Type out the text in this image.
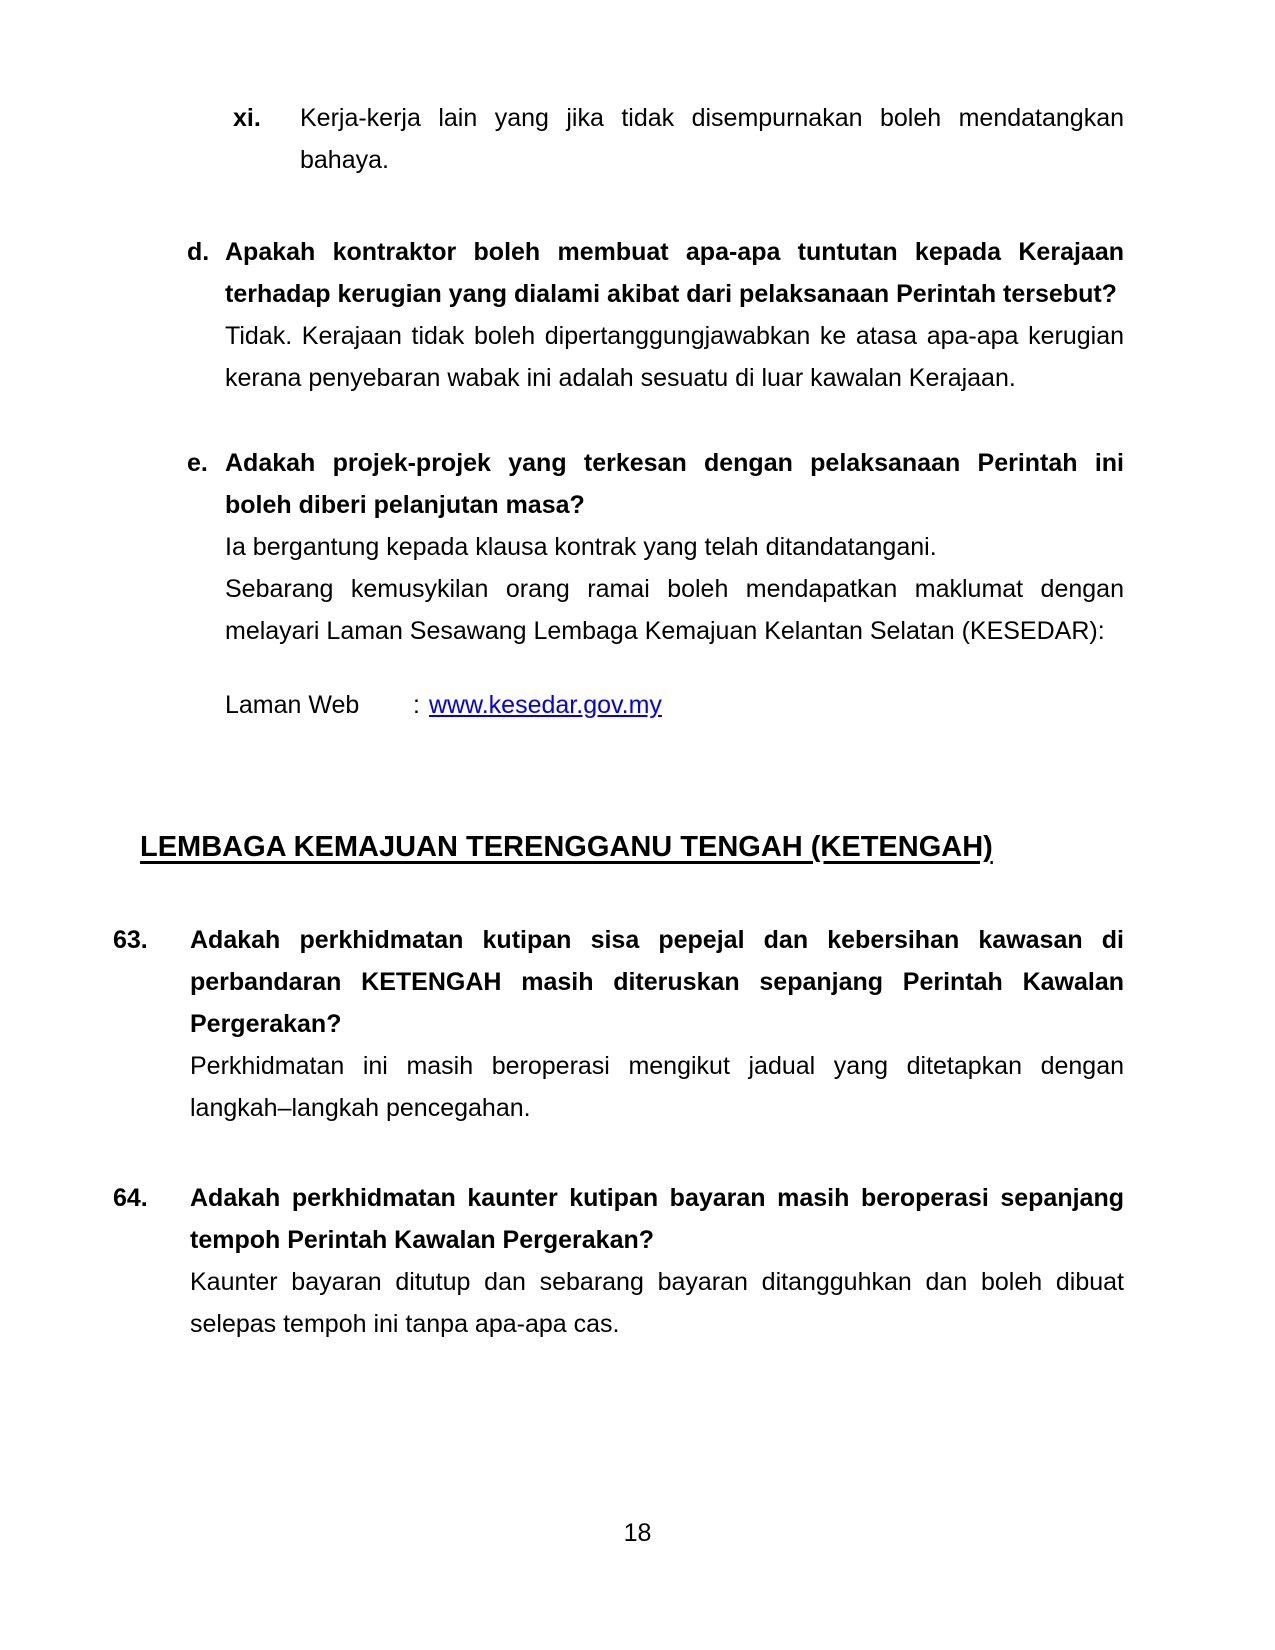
xi.	Kerja-kerja lain yang jika tidak disempurnakan boleh mendatangkan
bahaya.
d. Apakah kontraktor boleh membuat apa-apa tuntutan kepada Kerajaan
terhadap kerugian yang dialami akibat dari pelaksanaan Perintah tersebut?
Tidak. Kerajaan tidak boleh dipertanggungjawabkan ke atasa apa-apa kerugian
kerana penyebaran wabak ini adalah sesuatu di luar kawalan Kerajaan.
e. Adakah projek-projek yang terkesan dengan pelaksanaan Perintah ini
boleh diberi pelanjutan masa?
Ia bergantung kepada klausa kontrak yang telah ditandatangani.
Sebarang kemusykilan orang ramai boleh mendapatkan maklumat dengan
melayari Laman Sesawang Lembaga Kemajuan Kelantan Selatan (KESEDAR):
Laman Web : www.kesedar.gov.my
LEMBAGA KEMAJUAN TERENGGANU TENGAH (KETENGAH)
63.	Adakah perkhidmatan kutipan sisa pepejal dan kebersihan kawasan di
perbandaran KETENGAH masih diteruskan sepanjang Perintah Kawalan
Pergerakan?
Perkhidmatan ini masih beroperasi mengikut jadual yang ditetapkan dengan
langkah–langkah pencegahan.
64.	Adakah perkhidmatan kaunter kutipan bayaran masih beroperasi sepanjang
tempoh Perintah Kawalan Pergerakan?
Kaunter bayaran ditutup dan sebarang bayaran ditangguhkan dan boleh dibuat
selepas tempoh ini tanpa apa-apa cas.
18
